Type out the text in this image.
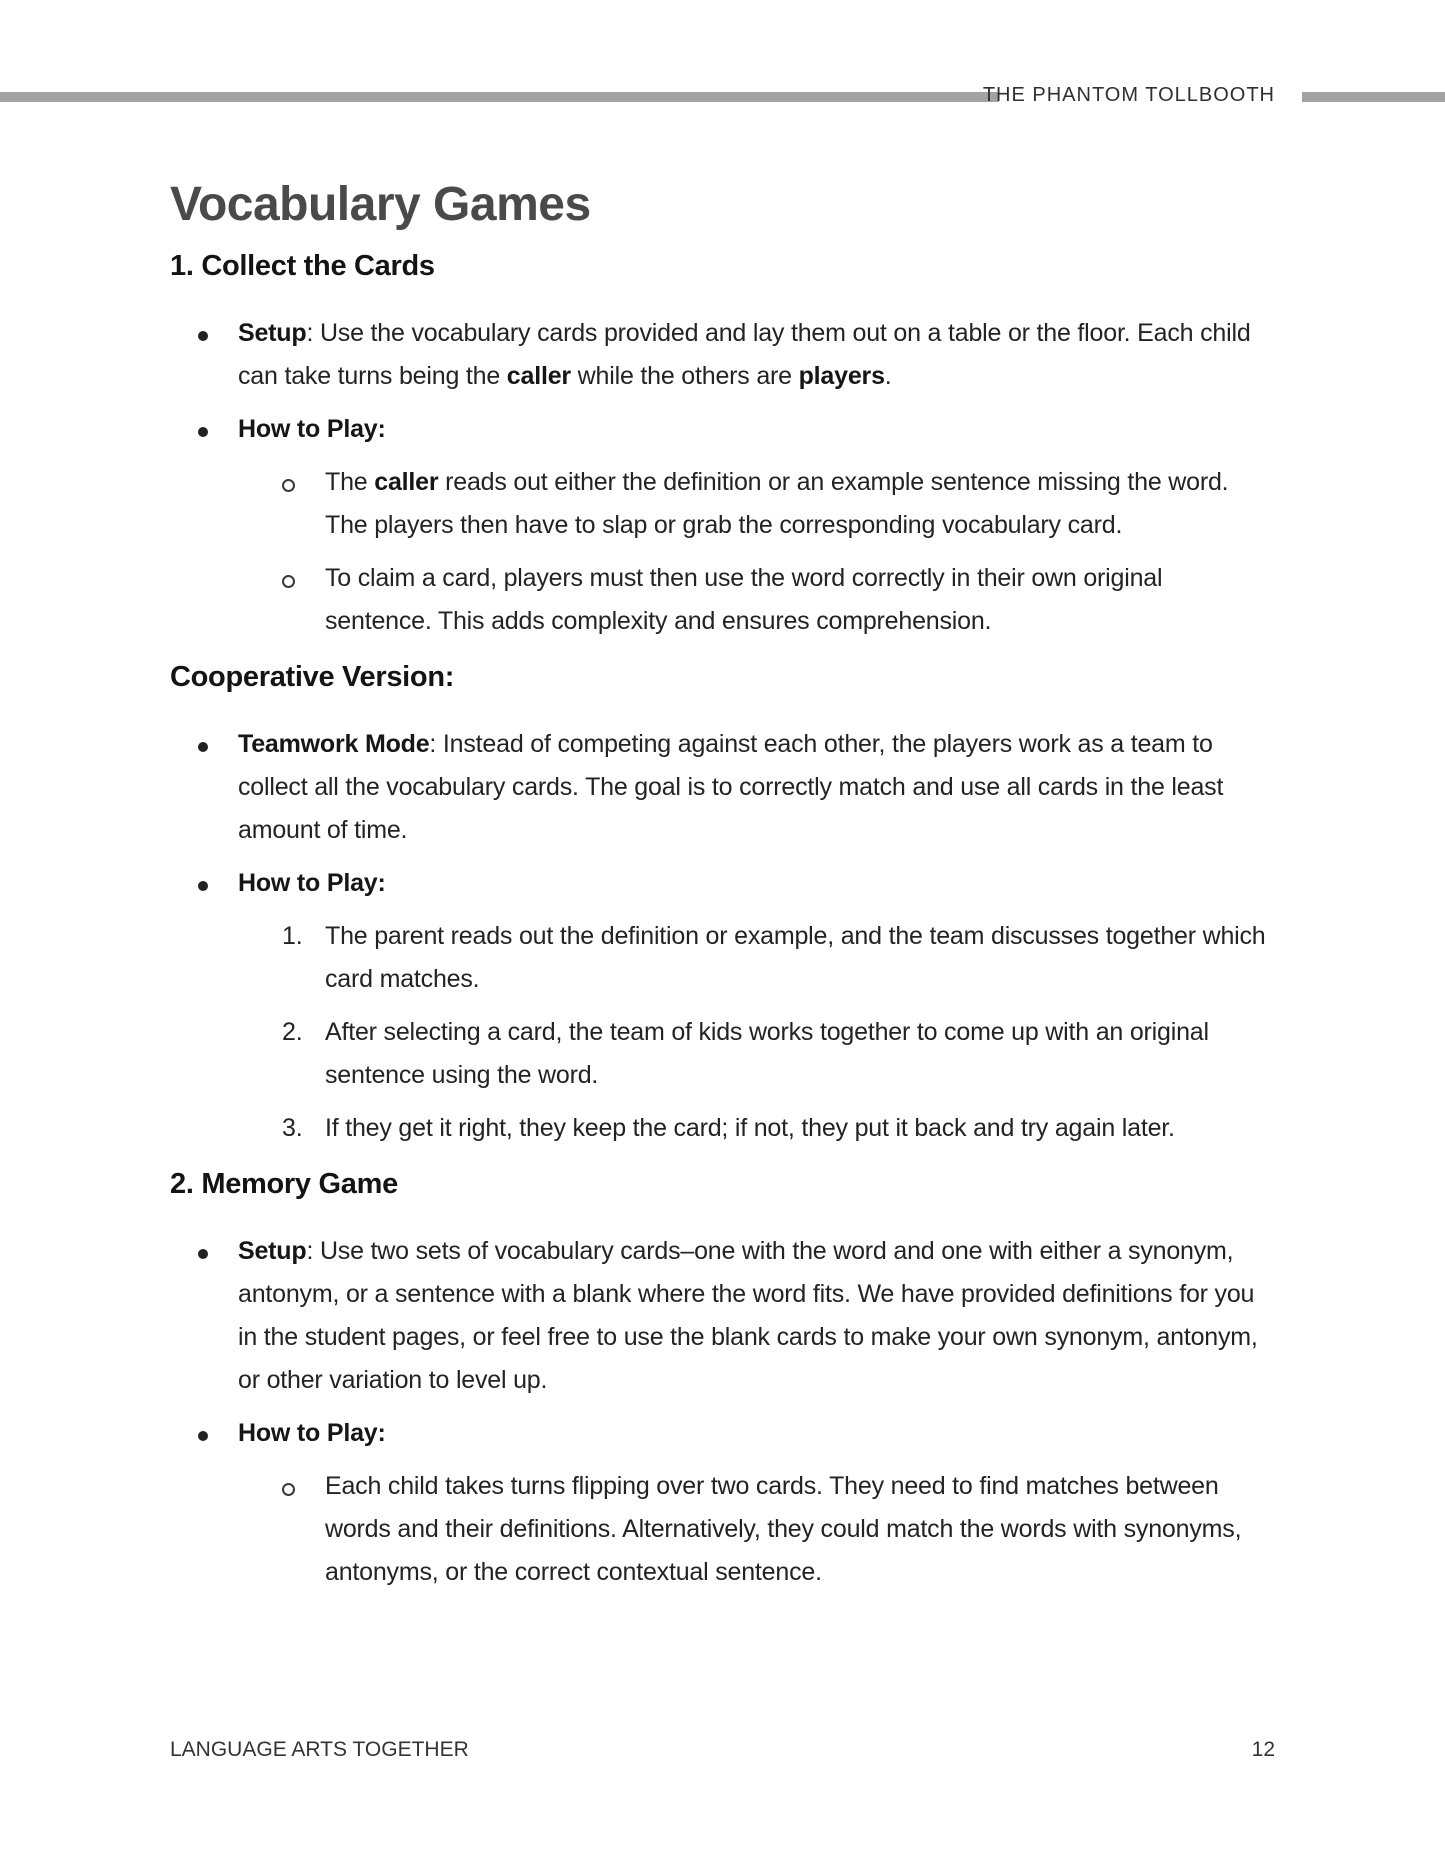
THE PHANTOM TOLLBOOTH
Vocabulary Games
1. Collect the Cards
Setup: Use the vocabulary cards provided and lay them out on a table or the floor. Each child can take turns being the caller while the others are players.
How to Play:
The caller reads out either the definition or an example sentence missing the word. The players then have to slap or grab the corresponding vocabulary card.
To claim a card, players must then use the word correctly in their own original sentence. This adds complexity and ensures comprehension.
Cooperative Version:
Teamwork Mode: Instead of competing against each other, the players work as a team to collect all the vocabulary cards. The goal is to correctly match and use all cards in the least amount of time.
How to Play:
1. The parent reads out the definition or example, and the team discusses together which card matches.
2. After selecting a card, the team of kids works together to come up with an original sentence using the word.
3. If they get it right, they keep the card; if not, they put it back and try again later.
2. Memory Game
Setup: Use two sets of vocabulary cards–one with the word and one with either a synonym, antonym, or a sentence with a blank where the word fits. We have provided definitions for you in the student pages, or feel free to use the blank cards to make your own synonym, antonym, or other variation to level up.
How to Play:
Each child takes turns flipping over two cards. They need to find matches between words and their definitions. Alternatively, they could match the words with synonyms, antonyms, or the correct contextual sentence.
LANGUAGE ARTS TOGETHER	12
